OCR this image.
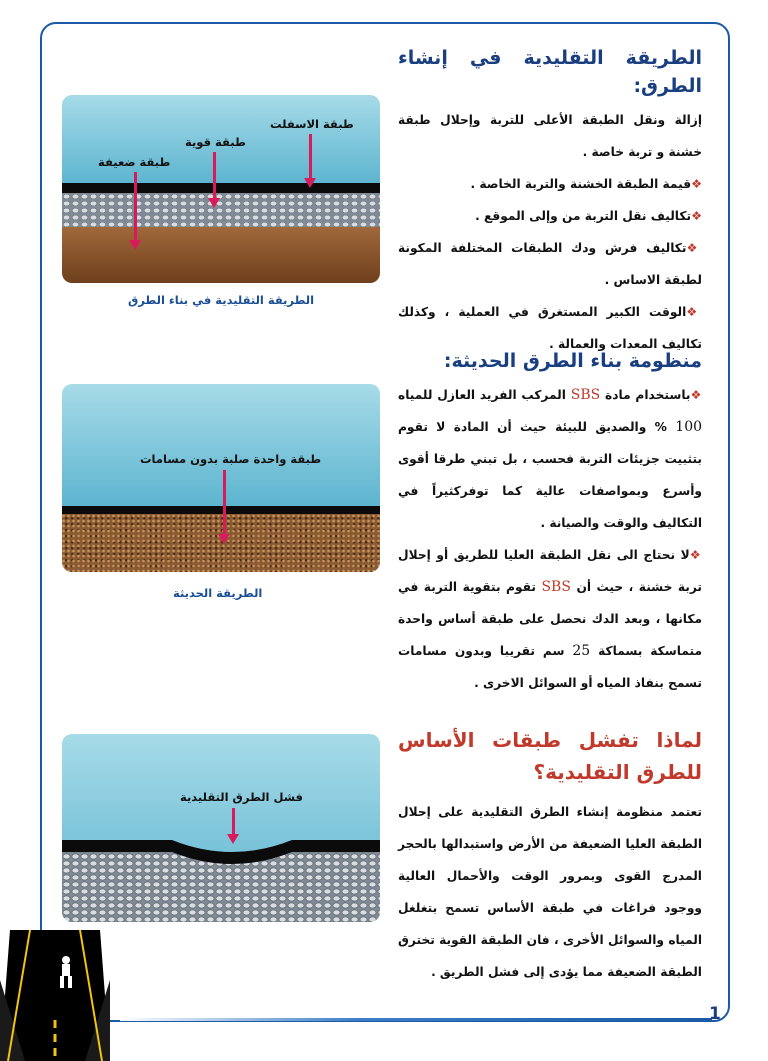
1
الطريقة التقليدية في إنشاء الطرق:

إزالة ونقل الطبقة الأعلى للتربة وإحلال طبقة خشنة و تربة خاصة .

❖قيمة الطبقة الخشنة والتربة الخاصة .

❖تكاليف نقل التربة من وإلى الموقع .

❖تكاليف فرش ودك الطبقات المختلفة المكونة لطبقة الاساس .

❖الوقت الكبير المستغرق في العملية ، وكذلك تكاليف المعدات والعمالة .

منظومة بناء الطرق الحديثة:

❖باستخدام مادة SBS المركب الفريد العازل للمياه 100 % والصديق للبيئة حيث أن المادة لا تقوم بتثبيت جزيئات التربة فحسب ، بل تبني طرقا أقوى وأسرع وبمواصفات عالية كما توفركثيراً في التكاليف والوقت والصيانة .

❖لا نحتاج الى نقل الطبقة العليا للطريق أو إحلال تربة خشنة ، حيث أن SBS تقوم بتقوية التربة في مكانها ، وبعد الدك نحصل على طبقة أساس واحدة متماسكة بسماكة 25 سم تقريبا وبدون مسامات تسمح بنفاذ المياه أو السوائل الاخرى .

لماذا تفشل طبقات الأساس للطرق التقليدية؟

تعتمد منظومة إنشاء الطرق التقليدية على إحلال الطبقة العليا الضعيفة من الأرض واستبدالها بالحجر المدرج القوى وبمرور الوقت والأحمال العالية ووجود فراغات في طبقة الأساس تسمح بتغلغل المياه والسوائل الأخرى ، فان الطبقة القوية تخترق الطبقة الضعيفة مما يؤدى إلى فشل الطريق .

طبقة الاسفلت
طبقة قوية
طبقة ضعيفة
الطريقة التقليدية في بناء الطرق
طبقة واحدة صلبة بدون مسامات
الطريقة الحديثة
فشل الطرق التقليدية
